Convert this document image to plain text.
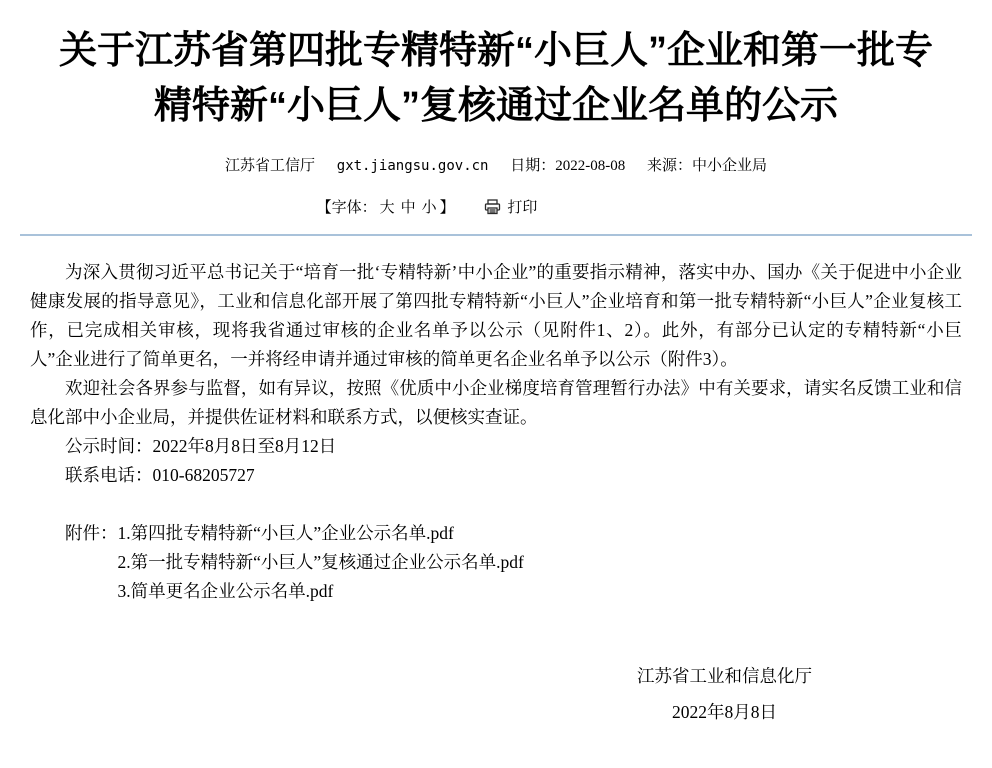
关于江苏省第四批专精特新“小巨人”企业和第一批专
精特新“小巨人”复核通过企业名单的公示
江苏省工信厅 gxt.jiangsu.gov.cn 日期：2022-08-08 来源：中小企业局
【字体： 大 中 小 】	打印

为深入贯彻习近平总书记关于“培育一批‘专精特新’中小企业”的重要指示精神，落实中办、国办《关于促进中小企业健康发展的指导意见》，工业和信息化部开展了第四批专精特新“小巨人”企业培育和第一批专精特新“小巨人”企业复核工作，已完成相关审核，现将我省通过审核的企业名单予以公示（见附件1、2）。此外，有部分已认定的专精特新“小巨人”企业进行了简单更名，一并将经申请并通过审核的简单更名企业名单予以公示（附件3）。

欢迎社会各界参与监督，如有异议，按照《优质中小企业梯度培育管理暂行办法》中有关要求，请实名反馈工业和信息化部中小企业局，并提供佐证材料和联系方式，以便核实查证。

公示时间：2022年8月8日至8月12日

联系电话：010-68205727

附件： 1.第四批专精特新“小巨人”企业公示名单.pdf
2.第一批专精特新“小巨人”复核通过企业公示名单.pdf
3.简单更名企业公示名单.pdf
江苏省工业和信息化厅
2022年8月8日
